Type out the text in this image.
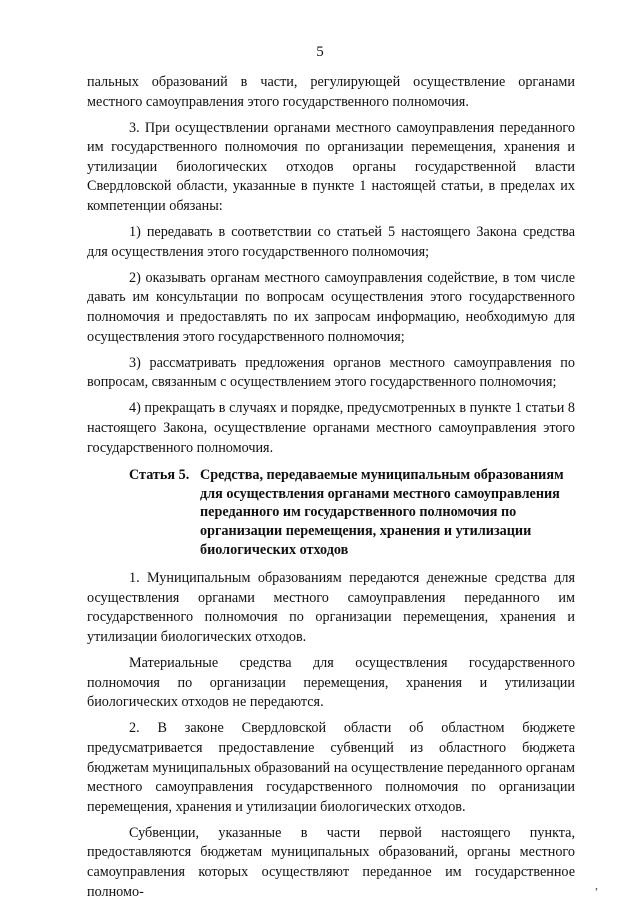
5

пальных образований в части, регулирующей осуществление органами местного самоуправления этого государственного полномочия.

3. При осуществлении органами местного самоуправления переданного им государственного полномочия по организации перемещения, хранения и утилизации биологических отходов органы государственной власти Свердловской области, указанные в пункте 1 настоящей статьи, в пределах их компетенции обязаны:

1) передавать в соответствии со статьей 5 настоящего Закона средства для осуществления этого государственного полномочия;

2) оказывать органам местного самоуправления содействие, в том числе давать им консультации по вопросам осуществления этого государственного полномочия и предоставлять по их запросам информацию, необходимую для осуществления этого государственного полномочия;

3) рассматривать предложения органов местного самоуправления по вопросам, связанным с осуществлением этого государственного полномочия;

4) прекращать в случаях и порядке, предусмотренных в пункте 1 статьи 8 настоящего Закона, осуществление органами местного самоуправления этого государственного полномочия.

Статья 5. Средства, передаваемые муниципальным образованиям для осуществления органами местного самоуправления переданного им государственного полномочия по организации перемещения, хранения и утилизации биологических отходов

1. Муниципальным образованиям передаются денежные средства для осуществления органами местного самоуправления переданного им государственного полномочия по организации перемещения, хранения и утилизации биологических отходов.

Материальные средства для осуществления государственного полномочия по организации перемещения, хранения и утилизации биологических отходов не передаются.

2. В законе Свердловской области об областном бюджете предусматривается предоставление субвенций из областного бюджета бюджетам муниципальных образований на осуществление переданного органам местного самоуправления государственного полномочия по организации перемещения, хранения и утилизации биологических отходов.

Субвенции, указанные в части первой настоящего пункта, предоставляются бюджетам муниципальных образований, органы местного самоуправления которых осуществляют переданное им государственное полномо-	,
